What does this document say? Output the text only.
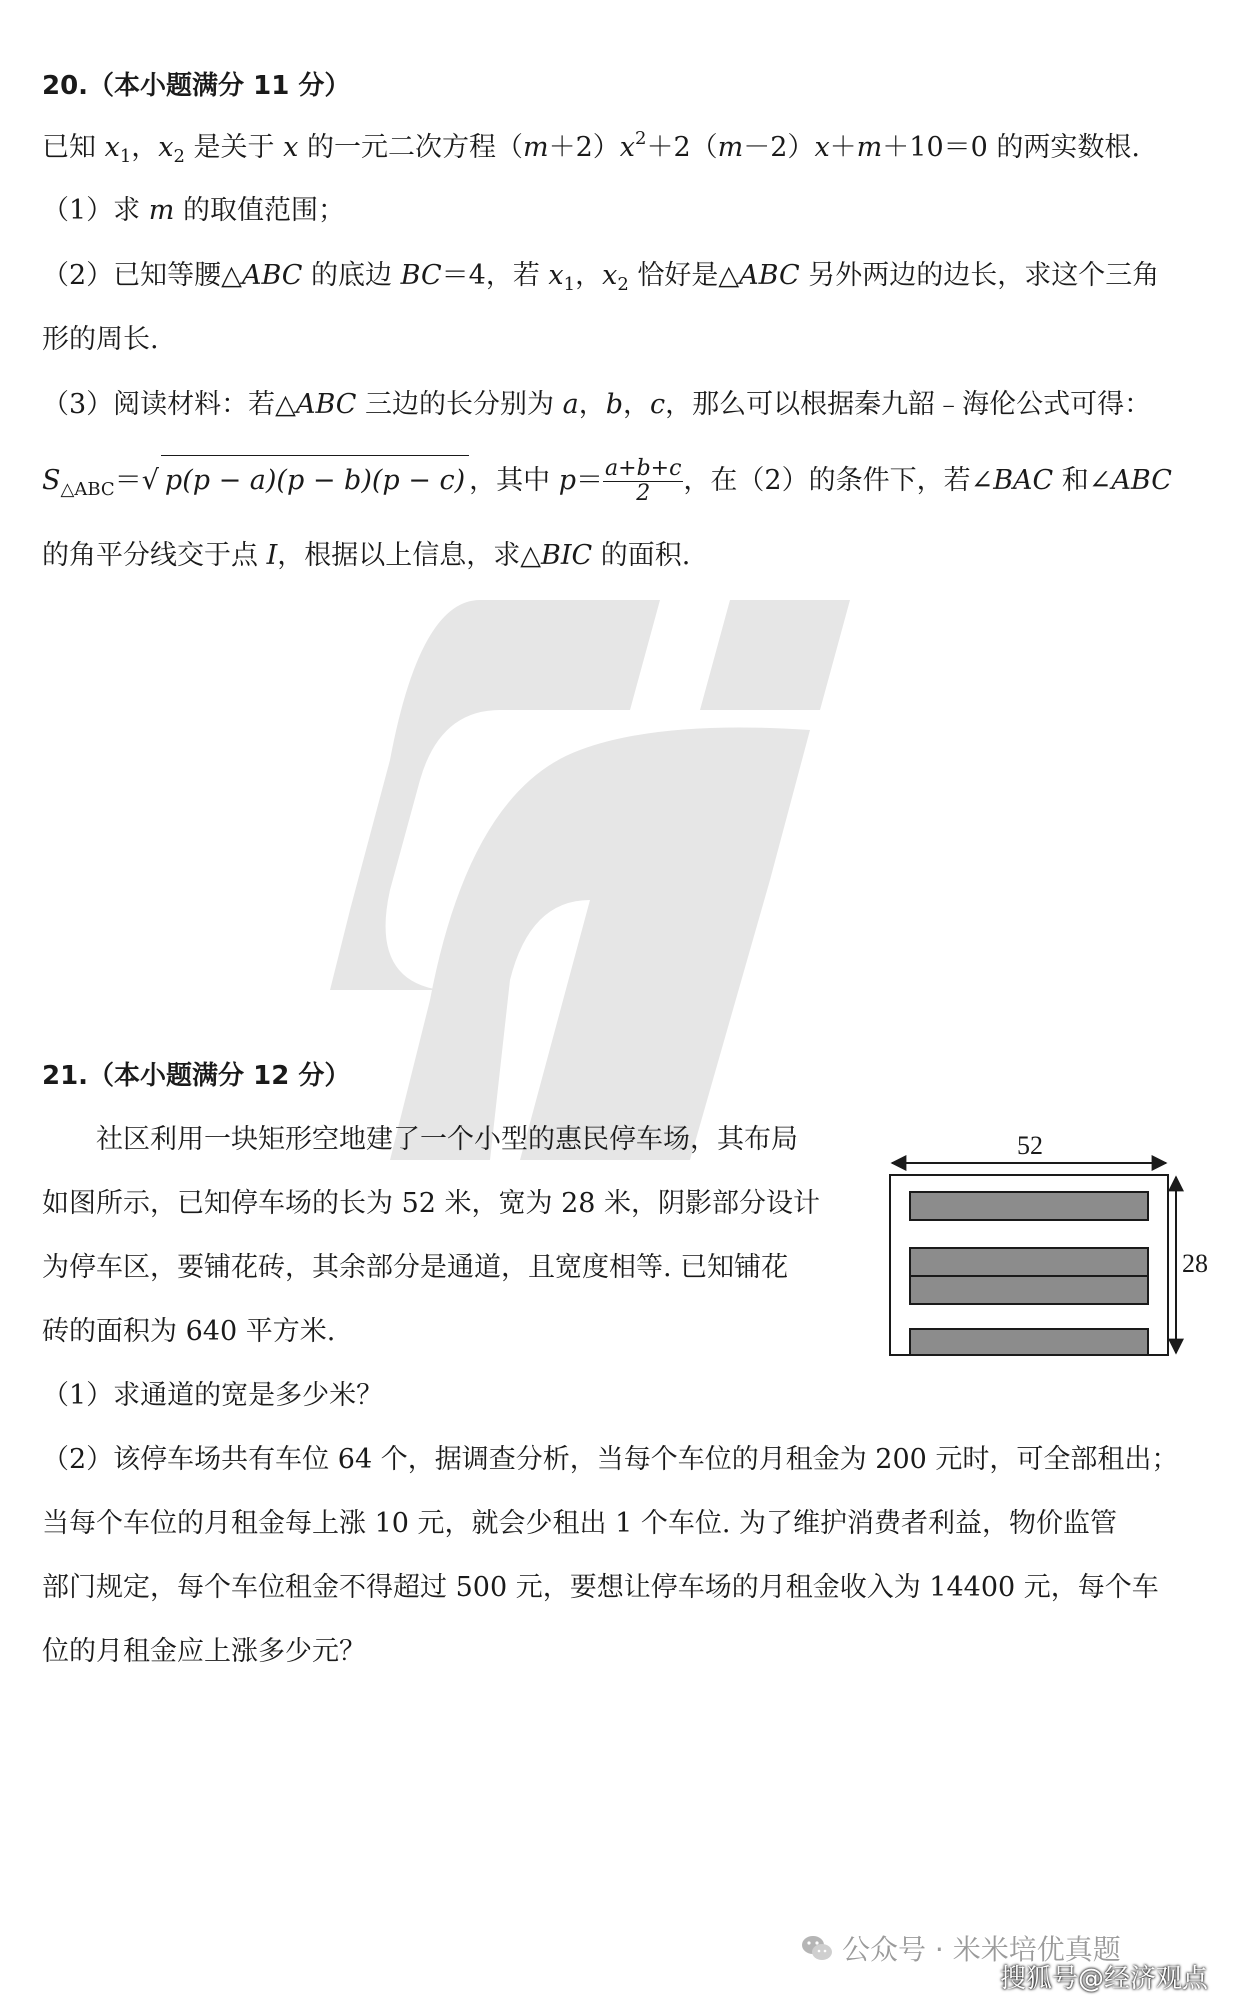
20.（本小题满分 11 分）
已知 $x_1$，$x_2$ 是关于 x 的一元二次方程$(m+2)x^2+2(m-2)x+m+10=0$ 的两实数根.
（1）求 m 的取值范围；
（2）已知等腰△ABC 的底边 BC＝4，若 $x_1$，$x_2$ 恰好是△ABC 另外两边的边长，求这个三角
形的周长.
（3）阅读材料：若△ABC 三边的长分别为 a，b，c，那么可以根据秦九韶﹣海伦公式可得：
$S_{\triangle ABC}=√$ p(p − a)(p − b)(p − c) ，其中 $p= \frac{a+b+c}{2}$ ，在（2）的条件下，若∠BAC 和∠ABC
的角平分线交于点 I，根据以上信息，求△BIC 的面积.
21.（本小题满分 12 分）
社区利用一块矩形空地建了一个小型的惠民停车场，其布局
如图所示，已知停车场的长为 52 米，宽为 28 米，阴影部分设计
为停车区，要铺花砖，其余部分是通道，且宽度相等. 已知铺花
砖的面积为 640 平方米.
（1）求通道的宽是多少米？
（2）该停车场共有车位 64 个，据调查分析，当每个车位的月租金为 200 元时，可全部租出；
当每个车位的月租金每上涨 10 元，就会少租出 1 个车位. 为了维护消费者利益，物价监管
部门规定，每个车位租金不得超过 500 元，要想让停车场的月租金收入为 14400 元，每个车
位的月租金应上涨多少元？
52
28
公众号 · 米米培优真题
搜狐号@经济观点
